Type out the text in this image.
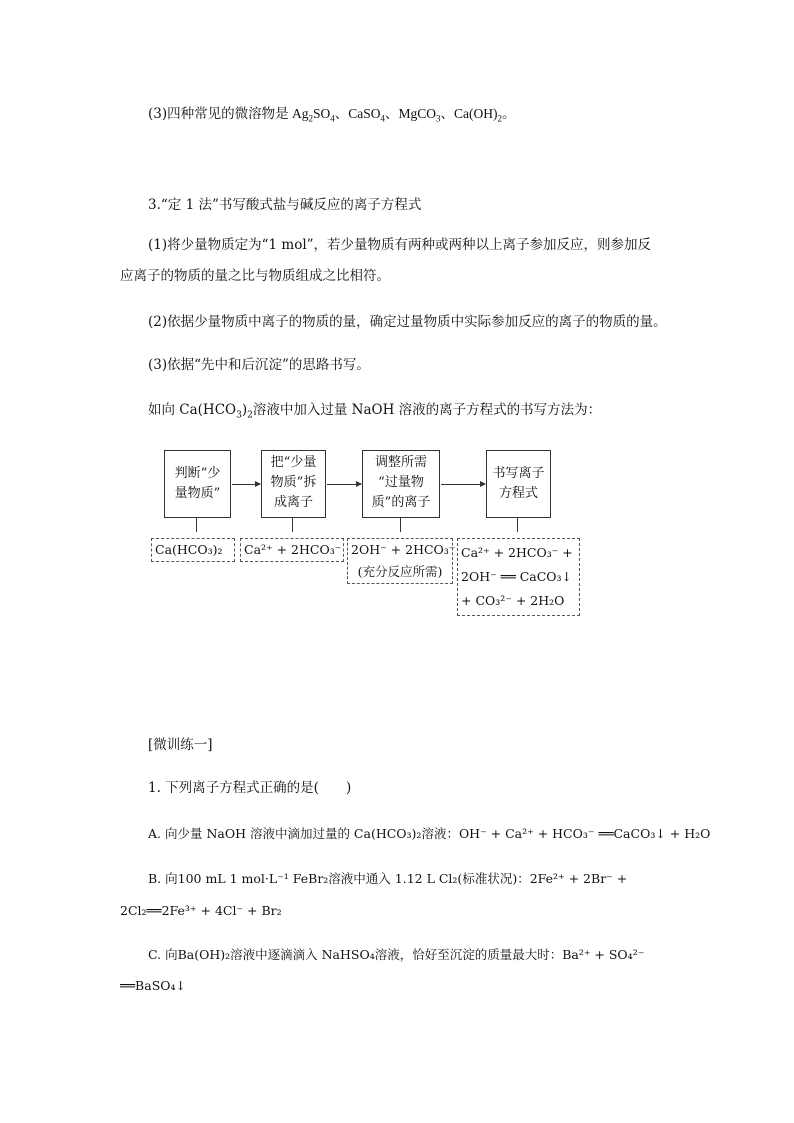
(3)四种常见的微溶物是 $Ag_2SO_4$、CaSO$_4$、MgCO$_3$、$Ca(OH)_2$。
3.“定 1 法”书写酸式盐与碱反应的离子方程式
(1)将少量物质定为“1 mol”，若少量物质有两种或两种以上离子参加反应，则参加反
应离子的物质的量之比与物质组成之比相符。
(2)依据少量物质中离子的物质的量，确定过量物质中实际参加反应的离子的物质的量。
(3)依据“先中和后沉淀”的思路书写。
如向 $Ca(HCO_3)_2$溶液中加入过量 NaOH 溶液的离子方程式的书写方法为：
判断“少
量物质”
把“少量
物质”拆
成离子
调整所需
“过量物
质”的离子
书写离子
方程式
Ca(HCO₃)₂	Ca²⁺ + 2HCO₃⁻ 2OH⁻ + 2HCO₃⁻
(充分反应所需)
Ca²⁺ + 2HCO₃⁻ +
2OH⁻ ══ CaCO₃↓
+ CO₃²⁻ + 2H₂O
[微训练一]
1. 下列离子方程式正确的是(　　)
A. 向少量 NaOH 溶液中滴加过量的 Ca(HCO₃)₂溶液：OH⁻ + Ca²⁺ + HCO₃⁻ ══CaCO₃↓ + H₂O
B. 向100 mL 1 mol·L⁻¹ FeBr₂溶液中通入 1.12 L Cl₂(标准状况)：2Fe²⁺ + 2Br⁻ +
2Cl₂══2Fe³⁺ + 4Cl⁻ + Br₂
C. 向Ba(OH)₂溶液中逐滴滴入 NaHSO₄溶液，恰好至沉淀的质量最大时：Ba²⁺ + SO₄²⁻
══BaSO₄↓
